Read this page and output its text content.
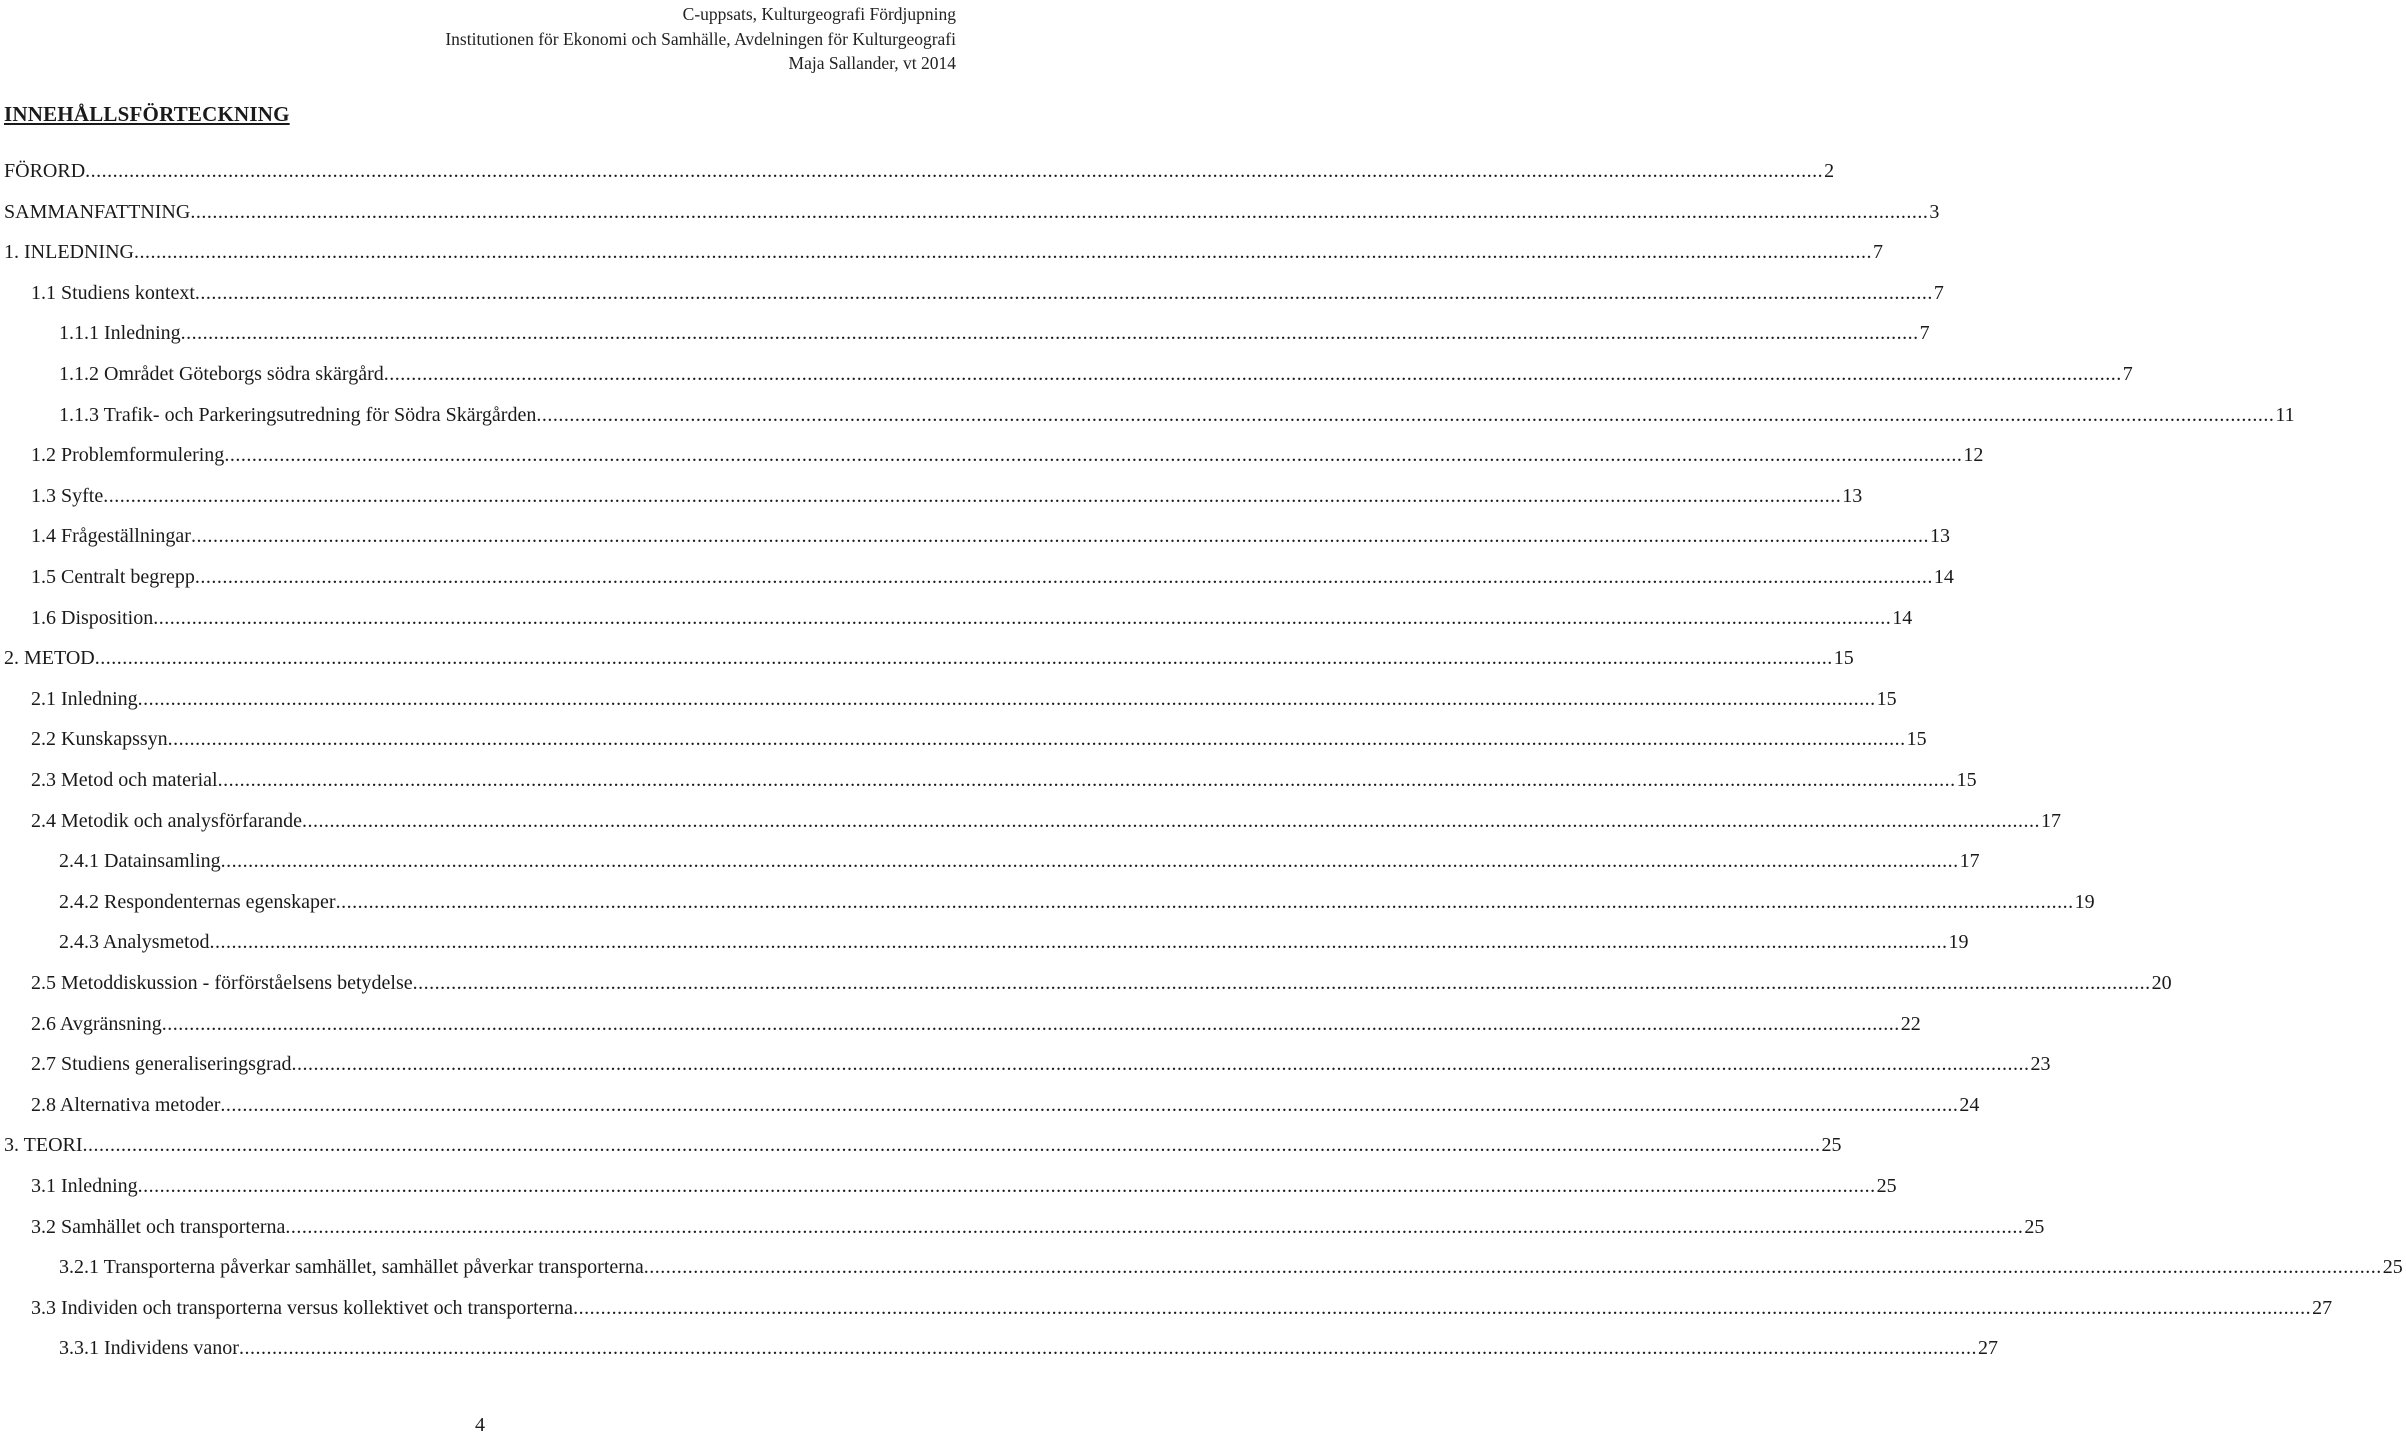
C-uppsats, Kulturgeografi Fördjupning
Institutionen för Ekonomi och Samhälle, Avdelningen för Kulturgeografi
Maja Sallander, vt 2014
INNEHÅLLSFÖRTECKNING
FÖRORD .....	2
SAMMANFATTNING .....	3
1. INLEDNING .....	7
1.1 Studiens kontext .....	7
1.1.1 Inledning .....	7
1.1.2 Området Göteborgs södra skärgård .....	7
1.1.3 Trafik- och Parkeringsutredning för Södra Skärgården .....	11
1.2 Problemformulering .....	12
1.3 Syfte .....	13
1.4 Frågeställningar .....	13
1.5 Centralt begrepp .....	14
1.6 Disposition .....	14
2. METOD .....	15
2.1 Inledning .....	15
2.2 Kunskapssyn .....	15
2.3 Metod och material .....	15
2.4 Metodik och analysförfarande .....	17
2.4.1 Datainsamling .....	17
2.4.2 Respondenternas egenskaper .....	19
2.4.3 Analysmetod .....	19
2.5 Metoddiskussion - förförståelsens betydelse .....	20
2.6 Avgränsning .....	22
2.7 Studiens generaliseringsgrad .....	23
2.8 Alternativa metoder .....	24
3. TEORI .....	25
3.1 Inledning .....	25
3.2 Samhället och transporterna .....	25
3.2.1 Transporterna påverkar samhället, samhället påverkar transporterna .....	25
3.3 Individen och transporterna versus kollektivet och transporterna .....	27
3.3.1 Individens vanor .....	27
4
